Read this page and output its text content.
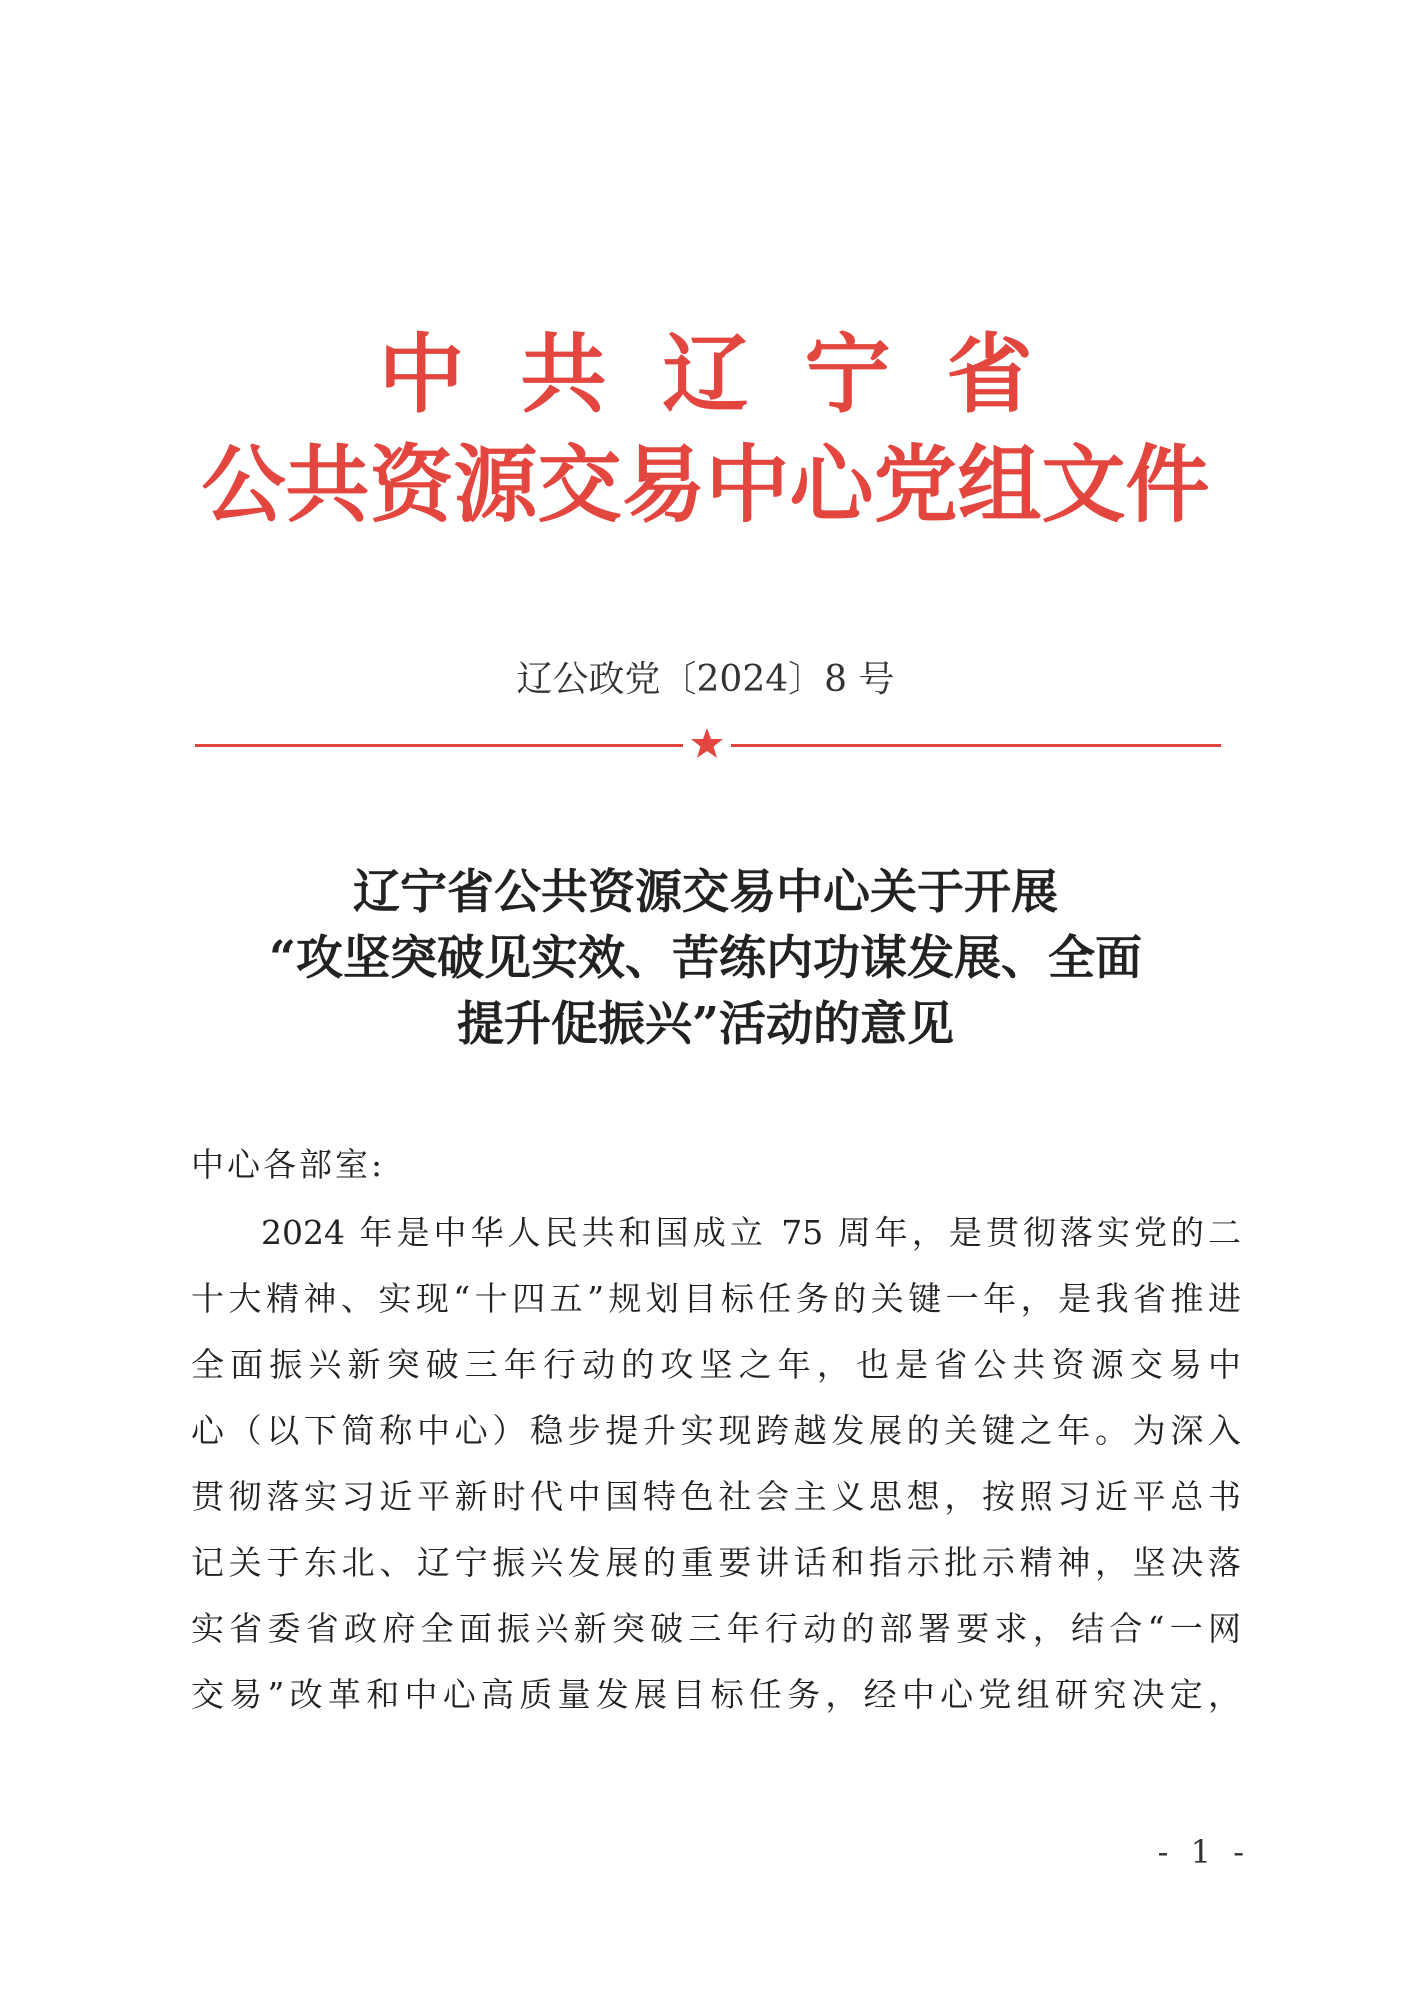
中共辽宁省
公共资源交易中心党组文件
辽公政党〔2024〕8 号
辽宁省公共资源交易中心关于开展
“攻坚突破见实效、苦练内功谋发展、全面
提升促振兴”活动的意见
中心各部室:
2024 年是中华人民共和国成立 75 周年，是贯彻落实党的二
十大精神、实现“十四五”规划目标任务的关键一年，是我省推进
全面振兴新突破三年行动的攻坚之年，也是省公共资源交易中
心（以下简称中心）稳步提升实现跨越发展的关键之年。为深入
贯彻落实习近平新时代中国特色社会主义思想，按照习近平总书
记关于东北、辽宁振兴发展的重要讲话和指示批示精神，坚决落
实省委省政府全面振兴新突破三年行动的部署要求，结合“一网
交易”改革和中心高质量发展目标任务，经中心党组研究决定，
- 1 -
